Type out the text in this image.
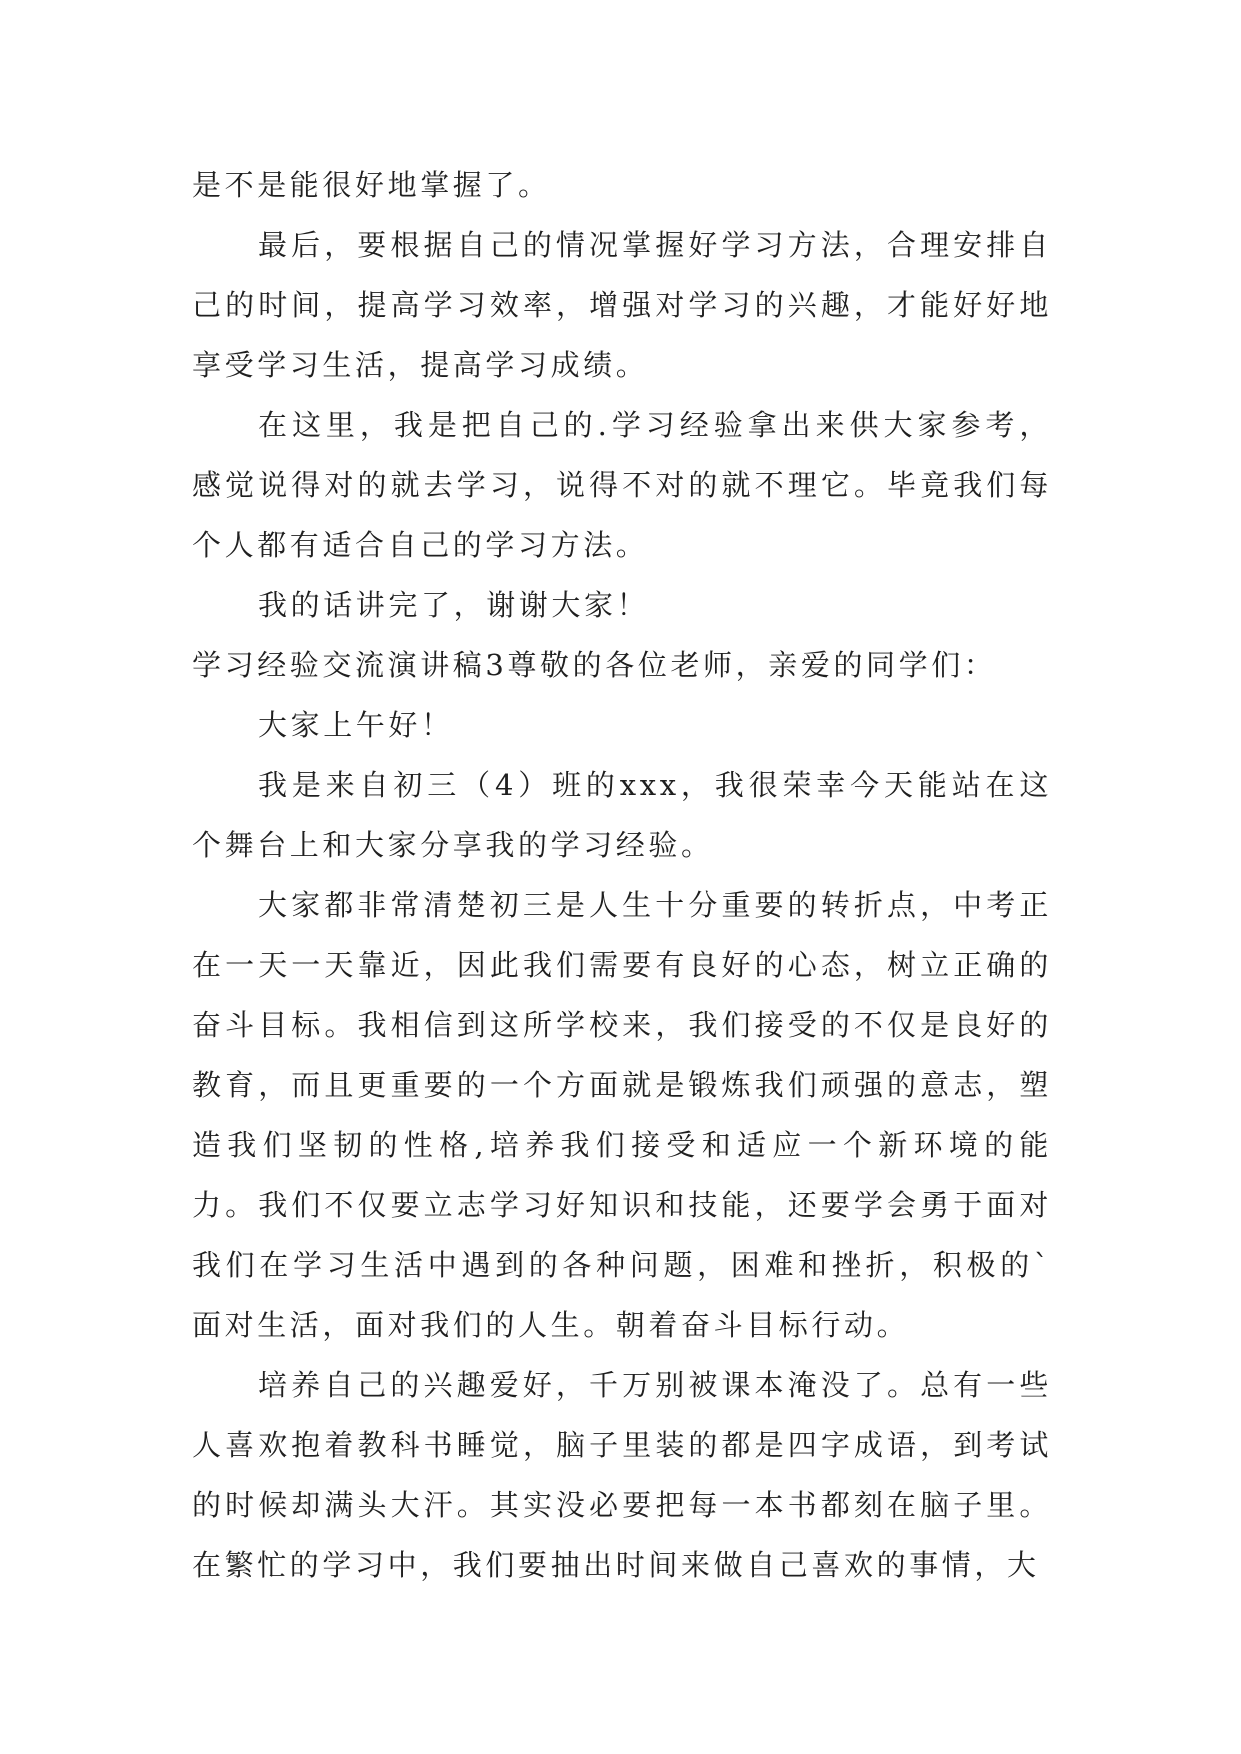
是不是能很好地掌握了。

最后，要根据自己的情况掌握好学习方法，合理安排自己的时间，提高学习效率，增强对学习的兴趣，才能好好地享受学习生活，提高学习成绩。

在这里，我是把自己的.学习经验拿出来供大家参考，感觉说得对的就去学习，说得不对的就不理它。毕竟我们每个人都有适合自己的学习方法。

我的话讲完了，谢谢大家！

学习经验交流演讲稿3尊敬的各位老师，亲爱的同学们：

大家上午好！

我是来自初三（4）班的xxx，我很荣幸今天能站在这个舞台上和大家分享我的学习经验。

大家都非常清楚初三是人生十分重要的转折点，中考正在一天一天靠近，因此我们需要有良好的心态，树立正确的奋斗目标。我相信到这所学校来，我们接受的不仅是良好的教育，而且更重要的一个方面就是锻炼我们顽强的意志，塑造我们坚韧的性格,培养我们接受和适应一个新环境的能力。我们不仅要立志学习好知识和技能，还要学会勇于面对我们在学习生活中遇到的各种问题，困难和挫折，积极的`面对生活，面对我们的人生。朝着奋斗目标行动。

培养自己的兴趣爱好，千万别被课本淹没了。总有一些人喜欢抱着教科书睡觉，脑子里装的都是四字成语，到考试的时候却满头大汗。其实没必要把每一本书都刻在脑子里。在繁忙的学习中，我们要抽出时间来做自己喜欢的事情，大
